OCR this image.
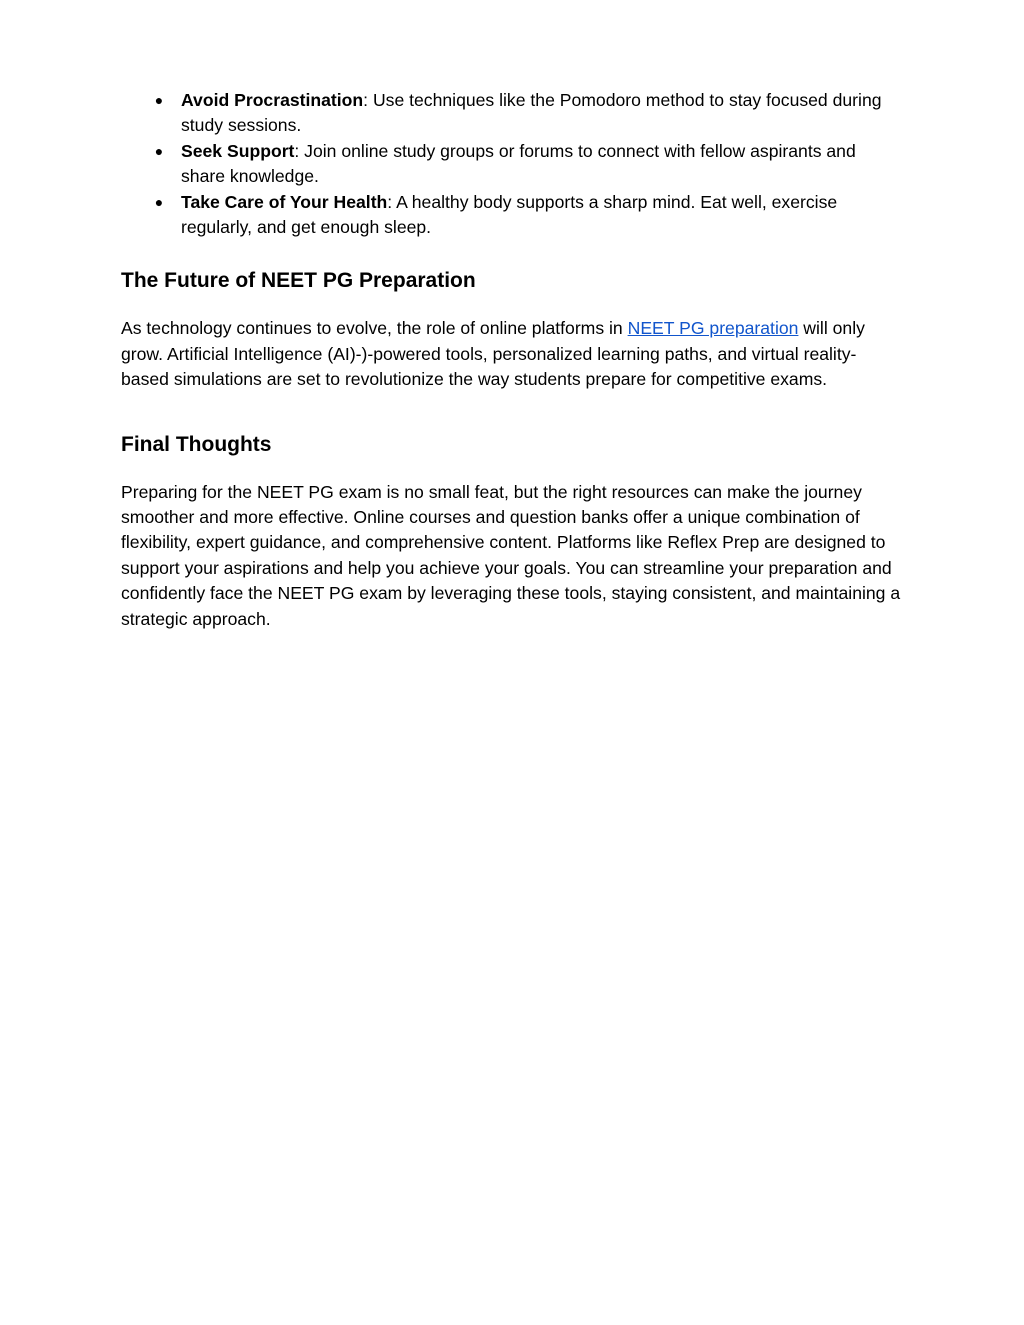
● Avoid Procrastination: Use techniques like the Pomodoro method to stay focused during study sessions.
● Seek Support: Join online study groups or forums to connect with fellow aspirants and share knowledge.
● Take Care of Your Health: A healthy body supports a sharp mind. Eat well, exercise regularly, and get enough sleep.
The Future of NEET PG Preparation

As technology continues to evolve, the role of online platforms in NEET PG preparation will only grow. Artificial Intelligence (AI)-)-powered tools, personalized learning paths, and virtual reality-based simulations are set to revolutionize the way students prepare for competitive exams.

Final Thoughts

Preparing for the NEET PG exam is no small feat, but the right resources can make the journey smoother and more effective. Online courses and question banks offer a unique combination of flexibility, expert guidance, and comprehensive content. Platforms like Reflex Prep are designed to support your aspirations and help you achieve your goals. You can streamline your preparation and confidently face the NEET PG exam by leveraging these tools, staying consistent, and maintaining a strategic approach.
